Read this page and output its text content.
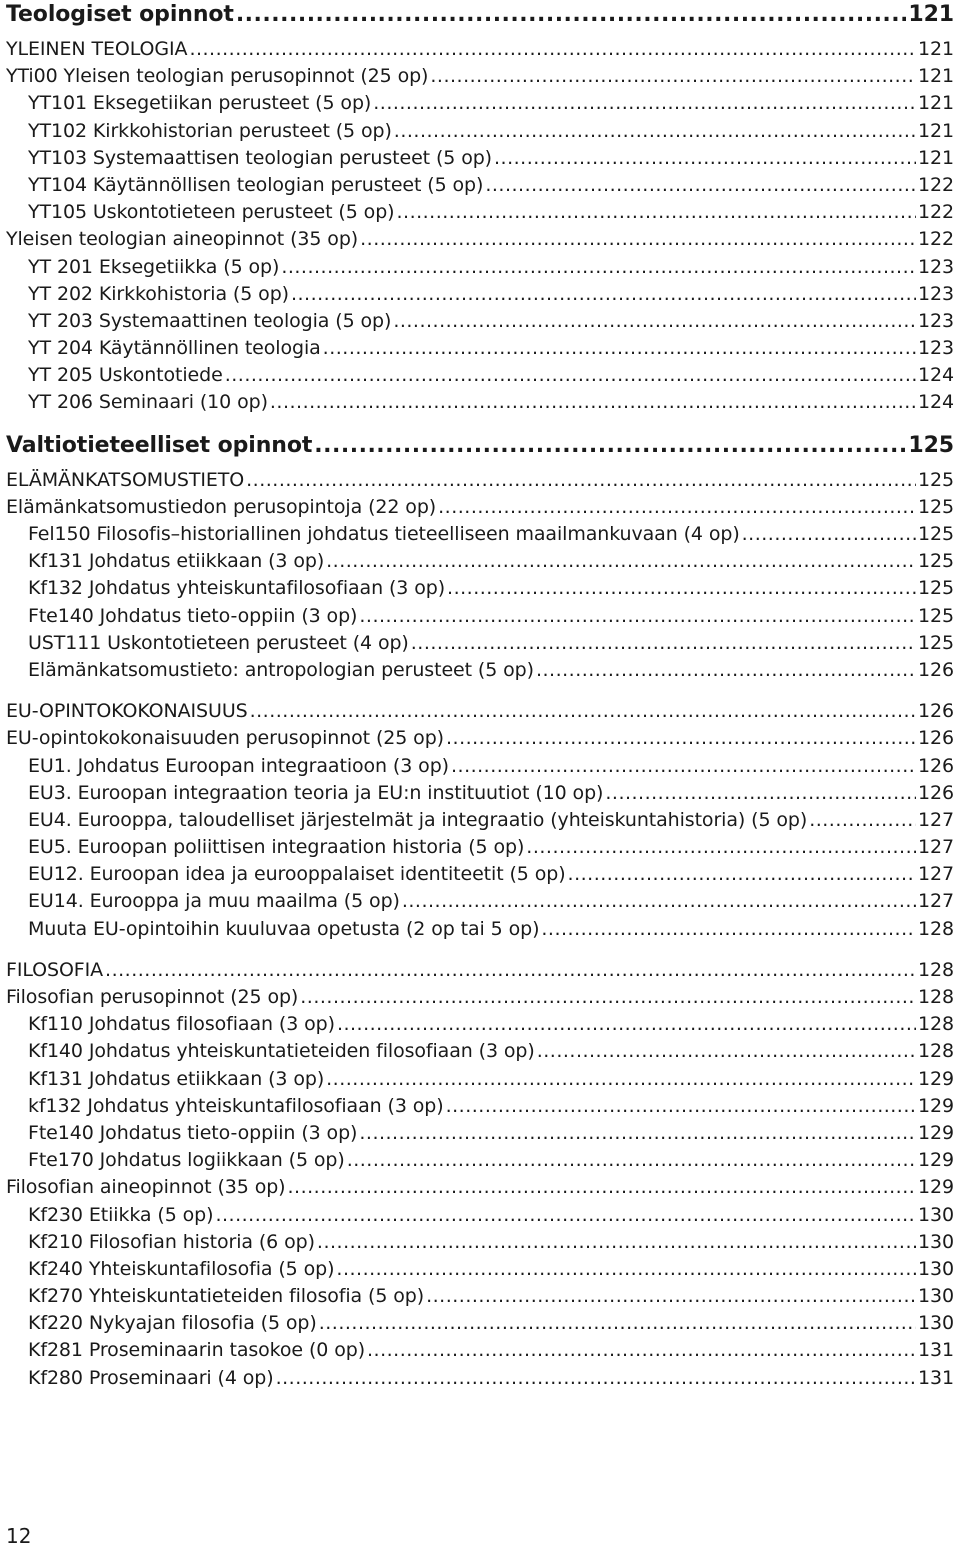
Teologiset opinnot .....	121
YLEINEN TEOLOGIA .....	121
YTi00 Yleisen teologian perusopinnot (25 op) .....	121
YT101 Eksegetiikan perusteet (5 op) .....	121
YT102 Kirkkohistorian perusteet (5 op) .....	121
YT103 Systemaattisen teologian perusteet (5 op) .....	121
YT104 Käytännöllisen teologian perusteet (5 op) .....	122
YT105 Uskontotieteen perusteet (5 op) .....	122
Yleisen teologian aineopinnot (35 op) .....	122
YT 201 Eksegetiikka (5 op) .....	123
YT 202 Kirkkohistoria (5 op) .....	123
YT 203 Systemaattinen teologia (5 op) .....	123
YT 204 Käytännöllinen teologia .....	123
YT 205 Uskontotiede .....	124
YT 206 Seminaari (10 op) .....	124
Valtiotieteelliset opinnot .....	125
ELÄMÄNKATSOMUSTIETO .....	125
Elämänkatsomustiedon perusopintoja (22 op) .....	125
Fel150 Filosofis–historiallinen johdatus tieteelliseen maailmankuvaan (4 op) .....	125
Kf131 Johdatus etiikkaan (3 op) .....	125
Kf132 Johdatus yhteiskuntafilosofiaan (3 op) .....	125
Fte140 Johdatus tieto-oppiin (3 op) .....	125
UST111 Uskontotieteen perusteet (4 op) .....	125
Elämänkatsomustieto: antropologian perusteet (5 op) .....	126
EU-OPINTOKOKONAISUUS .....	126
EU-opintokokonaisuuden perusopinnot (25 op) .....	126
EU1. Johdatus Euroopan integraatioon (3 op) .....	126
EU3. Euroopan integraation teoria ja EU:n instituutiot (10 op) .....	126
EU4. Eurooppa, taloudelliset järjestelmät ja integraatio (yhteiskuntahistoria) (5 op) .....	127
EU5. Euroopan poliittisen integraation historia (5 op) .....	127
EU12. Euroopan idea ja eurooppalaiset identiteetit (5 op) .....	127
EU14. Eurooppa ja muu maailma (5 op) .....	127
Muuta EU-opintoihin kuuluvaa opetusta (2 op tai 5 op) .....	128
FILOSOFIA .....	128
Filosofian perusopinnot (25 op) .....	128
Kf110 Johdatus filosofiaan (3 op) .....	128
Kf140 Johdatus yhteiskuntatieteiden filosofiaan (3 op) .....	128
Kf131 Johdatus etiikkaan (3 op) .....	129
kf132 Johdatus yhteiskuntafilosofiaan (3 op) .....	129
Fte140 Johdatus tieto-oppiin (3 op) .....	129
Fte170 Johdatus logiikkaan (5 op) .....	129
Filosofian aineopinnot (35 op) .....	129
Kf230 Etiikka (5 op) .....	130
Kf210 Filosofian historia (6 op) .....	130
Kf240 Yhteiskuntafilosofia (5 op) .....	130
Kf270 Yhteiskuntatieteiden filosofia (5 op) .....	130
Kf220 Nykyajan filosofia (5 op) .....	130
Kf281 Proseminaarin tasokoe (0 op) .....	131
Kf280 Proseminaari (4 op) .....	131
12
